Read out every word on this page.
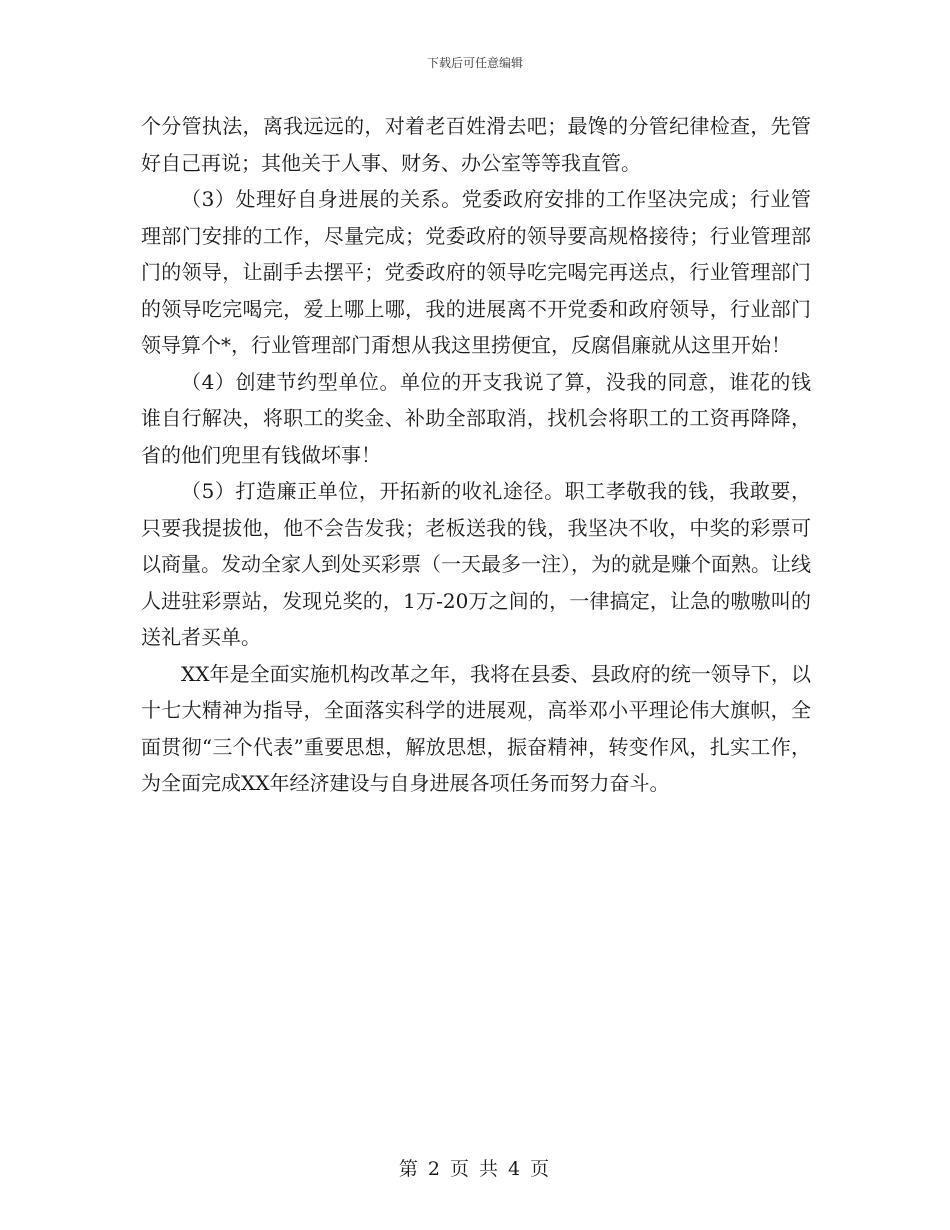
下载后可任意编辑

个分管执法，离我远远的，对着老百姓滑去吧；最馋的分管纪律检查，先管好自己再说；其他关于人事、财务、办公室等等我直管。

（3）处理好自身进展的关系。党委政府安排的工作坚决完成；行业管理部门安排的工作，尽量完成；党委政府的领导要高规格接待；行业管理部门的领导，让副手去摆平；党委政府的领导吃完喝完再送点，行业管理部门的领导吃完喝完，爱上哪上哪，我的进展离不开党委和政府领导，行业部门领导算个*，行业管理部门甭想从我这里捞便宜，反腐倡廉就从这里开始！

（4）创建节约型单位。单位的开支我说了算，没我的同意，谁花的钱谁自行解决，将职工的奖金、补助全部取消，找机会将职工的工资再降降，省的他们兜里有钱做坏事！

（5）打造廉正单位，开拓新的收礼途径。职工孝敬我的钱，我敢要，只要我提拔他，他不会告发我；老板送我的钱，我坚决不收，中奖的彩票可以商量。发动全家人到处买彩票（一天最多一注），为的就是赚个面熟。让线人进驻彩票站，发现兑奖的，1万-20万之间的，一律搞定，让急的嗷嗷叫的送礼者买单。

XX年是全面实施机构改革之年，我将在县委、县政府的统一领导下，以十七大精神为指导，全面落实科学的进展观，高举邓小平理论伟大旗帜，全面贯彻“三个代表”重要思想，解放思想，振奋精神，转变作风，扎实工作，为全面完成XX年经济建设与自身进展各项任务而努力奋斗。

第 2 页 共 4 页
